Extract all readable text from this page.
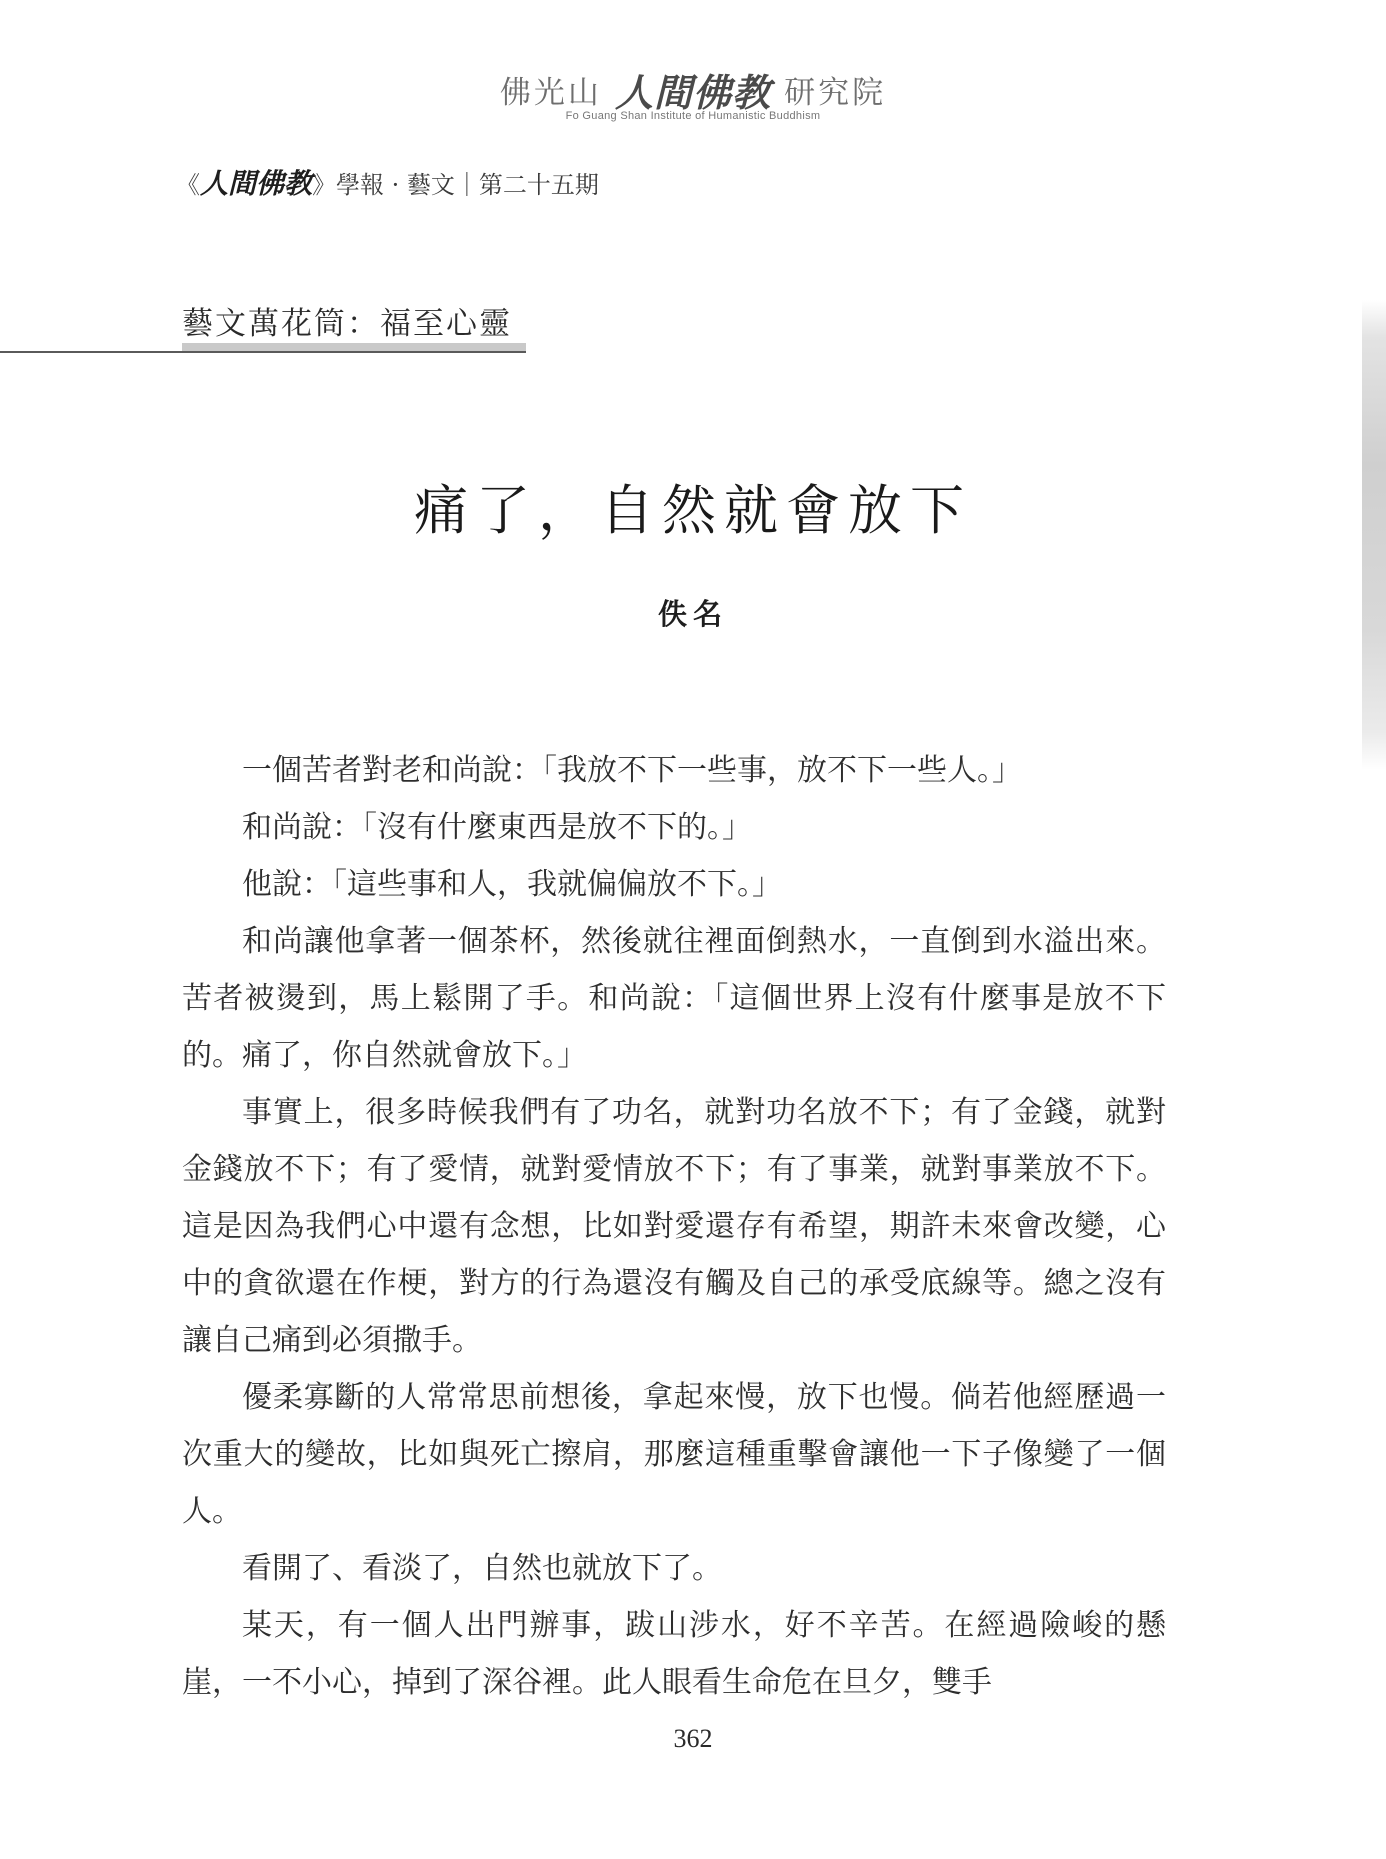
佛光山 人間佛教 研究院
Fo Guang Shan Institute of Humanistic Buddhism
《人間佛教》學報 · 藝文｜第二十五期
藝文萬花筒：福至心靈
痛了，自然就會放下
佚名

一個苦者對老和尚說：「我放不下一些事，放不下一些人。」

和尚說：「沒有什麼東西是放不下的。」

他說：「這些事和人，我就偏偏放不下。」

和尚讓他拿著一個茶杯，然後就往裡面倒熱水，一直倒到水溢出來。苦者被燙到，馬上鬆開了手。和尚說：「這個世界上沒有什麼事是放不下的。痛了，你自然就會放下。」

事實上，很多時候我們有了功名，就對功名放不下；有了金錢，就對金錢放不下；有了愛情，就對愛情放不下；有了事業，就對事業放不下。這是因為我們心中還有念想，比如對愛還存有希望，期許未來會改變，心中的貪欲還在作梗，對方的行為還沒有觸及自己的承受底線等。總之沒有讓自己痛到必須撒手。

優柔寡斷的人常常思前想後，拿起來慢，放下也慢。倘若他經歷過一次重大的變故，比如與死亡擦肩，那麼這種重擊會讓他一下子像變了一個人。

看開了、看淡了，自然也就放下了。

某天，有一個人出門辦事，跋山涉水，好不辛苦。在經過險峻的懸崖，一不小心，掉到了深谷裡。此人眼看生命危在旦夕，雙手

362
